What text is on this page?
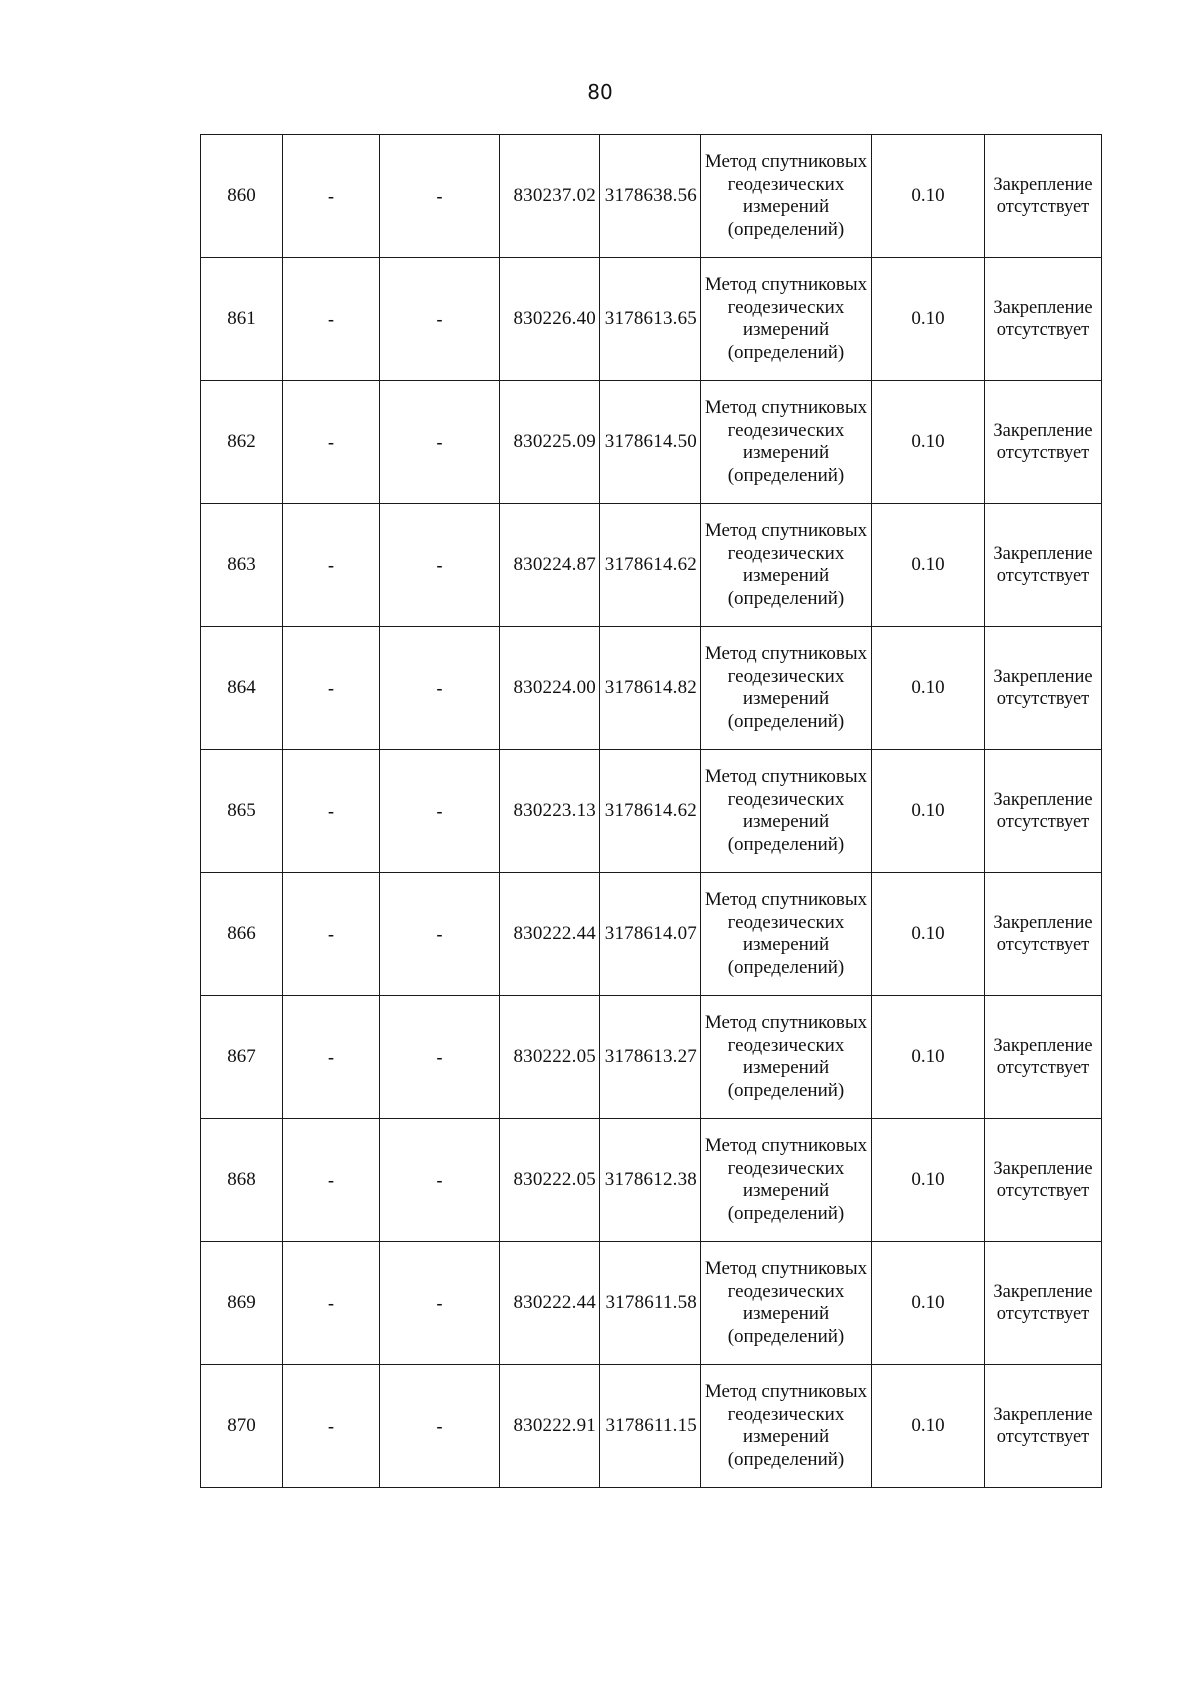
80
860	-	-	830237.02	3178638.56	Метод спутниковых геодезических измерений (определений)	0.10	Закрепление отсутствует
861	-	-	830226.40	3178613.65	Метод спутниковых геодезических измерений (определений)	0.10	Закрепление отсутствует
862	-	-	830225.09	3178614.50	Метод спутниковых геодезических измерений (определений)	0.10	Закрепление отсутствует
863	-	-	830224.87	3178614.62	Метод спутниковых геодезических измерений (определений)	0.10	Закрепление отсутствует
864	-	-	830224.00	3178614.82	Метод спутниковых геодезических измерений (определений)	0.10	Закрепление отсутствует
865	-	-	830223.13	3178614.62	Метод спутниковых геодезических измерений (определений)	0.10	Закрепление отсутствует
866	-	-	830222.44	3178614.07	Метод спутниковых геодезических измерений (определений)	0.10	Закрепление отсутствует
867	-	-	830222.05	3178613.27	Метод спутниковых геодезических измерений (определений)	0.10	Закрепление отсутствует
868	-	-	830222.05	3178612.38	Метод спутниковых геодезических измерений (определений)	0.10	Закрепление отсутствует
869	-	-	830222.44	3178611.58	Метод спутниковых геодезических измерений (определений)	0.10	Закрепление отсутствует
870	-	-	830222.91	3178611.15	Метод спутниковых геодезических измерений (определений)	0.10	Закрепление отсутствует
